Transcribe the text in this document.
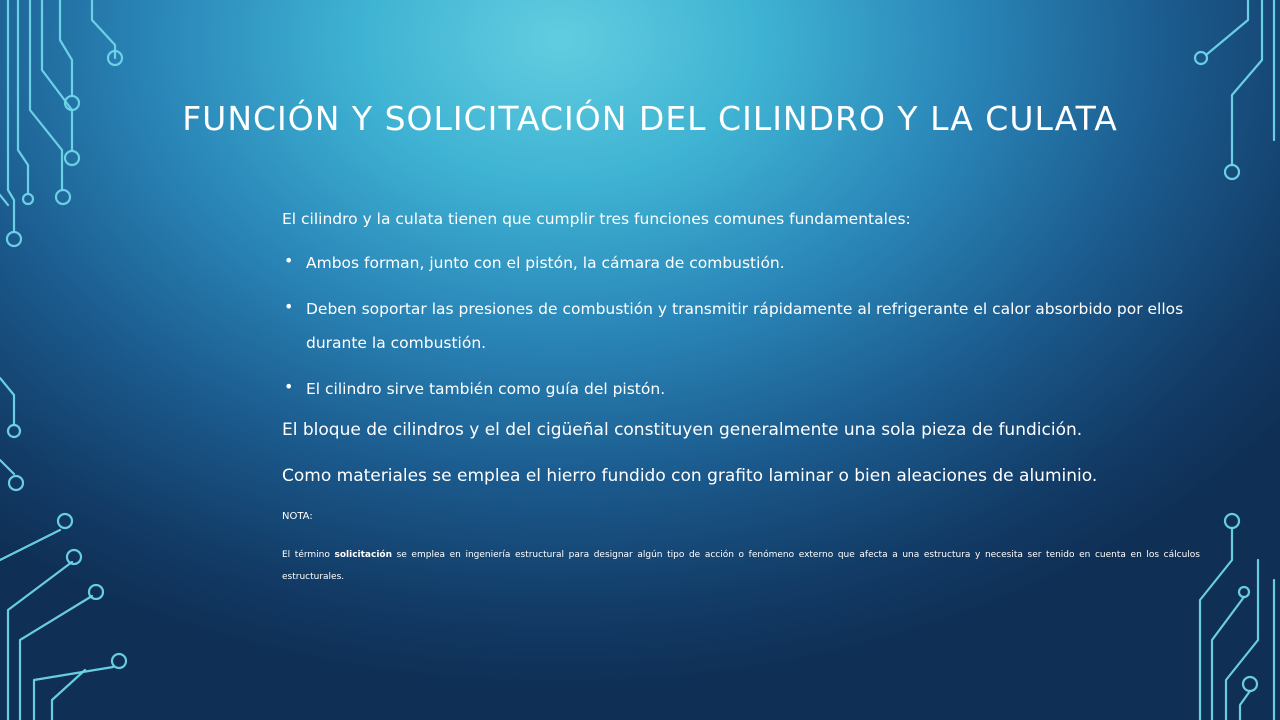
FUNCIÓN Y SOLICITACIÓN DEL CILINDRO Y LA CULATA

El cilindro y la culata tienen que cumplir tres funciones comunes fundamentales:

• Ambos forman, junto con el pistón, la cámara de combustión.
• Deben soportar las presiones de combustión y transmitir rápidamente al refrigerante el calor absorbido por ellos durante la combustión.
• El cilindro sirve también como guía del pistón.

El bloque de cilindros y el del cigüeñal constituyen generalmente una sola pieza de fundición.

Como materiales se emplea el hierro fundido con grafito laminar o bien aleaciones de aluminio.

NOTA:

El término solicitación se emplea en ingeniería estructural para designar algún tipo de acción o fenómeno externo que afecta a una estructura y necesita ser tenido en cuenta en los cálculos estructurales.
